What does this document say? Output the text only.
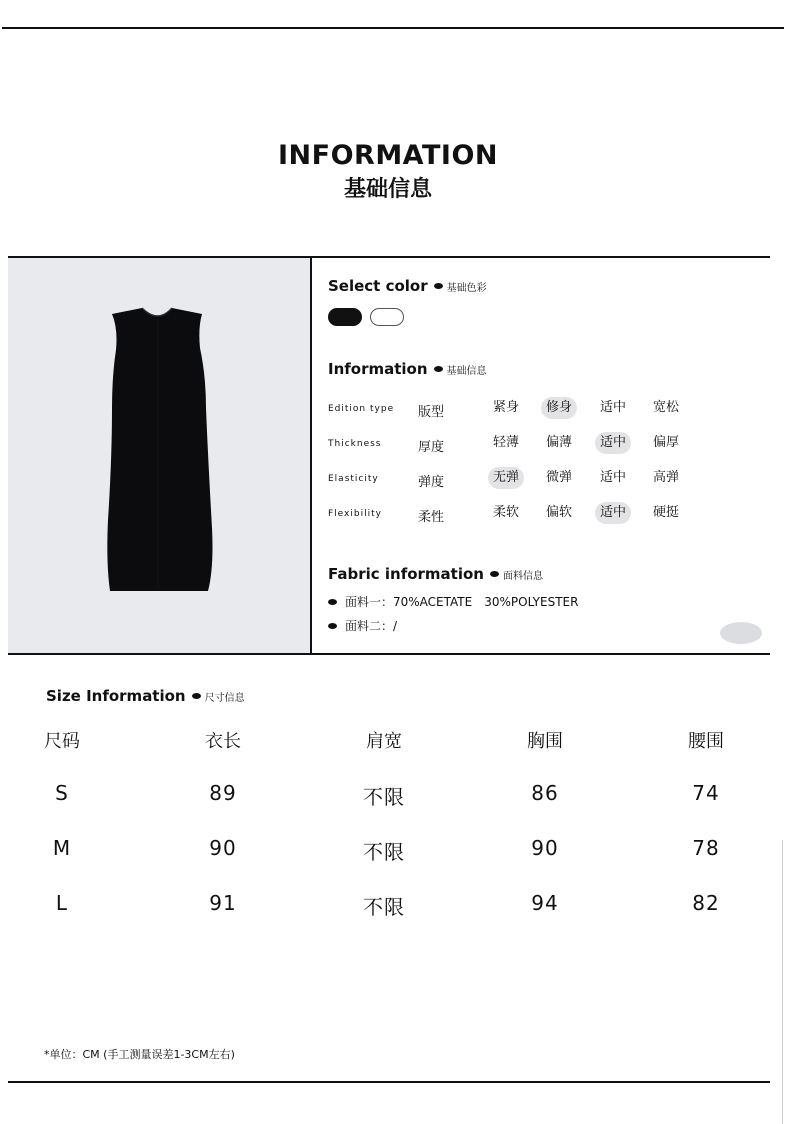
INFORMATION
基础信息
Select color 基础色彩
Information 基础信息
Edition type 版型	紧身	修身	适中	宽松
Thickness	厚度	轻薄	偏薄	适中	偏厚
Elasticity	弹度	无弹	微弹	适中	高弹
Flexibility	柔性	柔软	偏软	适中	硬挺
Fabric information 面料信息
面料一：70%ACETATE　30%POLYESTER
面料二：/
Size Information 尺寸信息
尺码	衣长	肩宽	胸围	腰围
S	89	不限	86	74
M	90	不限	90	78
L	91	不限	94	82
*单位：CM (手工测量误差1-3CM左右)
